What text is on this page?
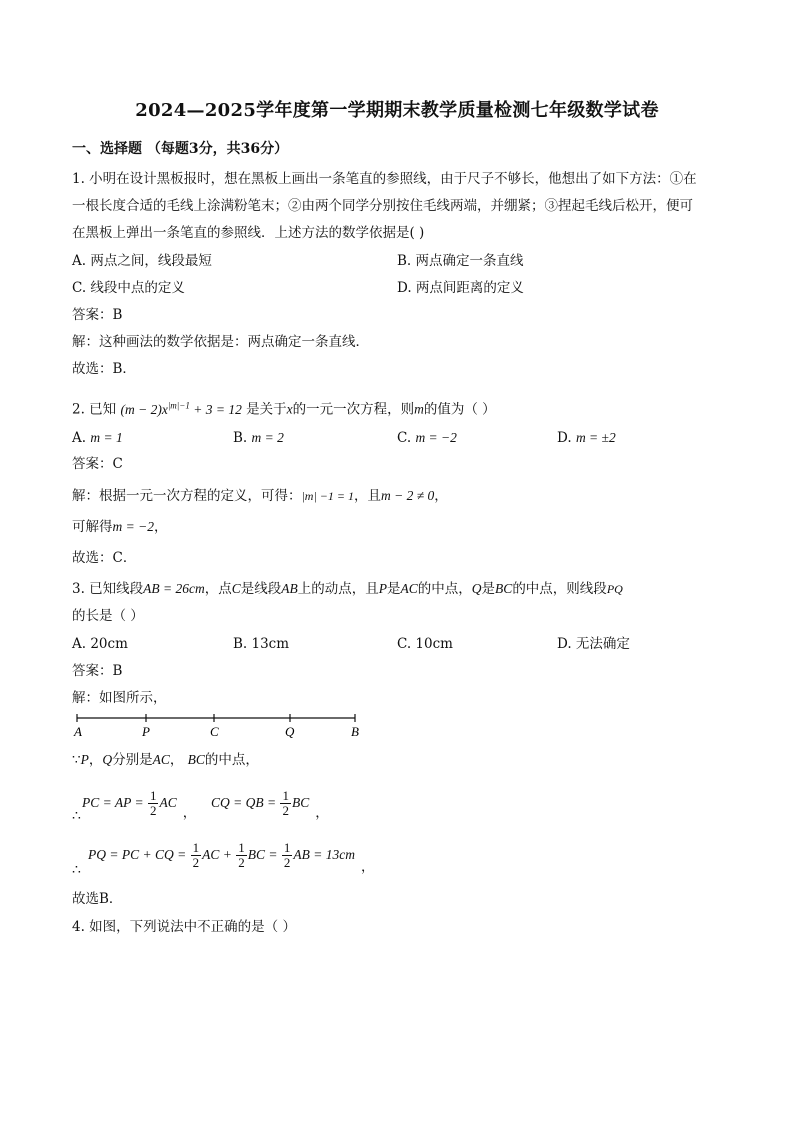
2024—2025学年度第一学期期末教学质量检测七年级数学试卷
一、选择题 （每题3分，共36分）
1. 小明在设计黑板报时，想在黑板上画出一条笔直的参照线，由于尺子不够长，他想出了如下方法：①在
一根长度合适的毛线上涂满粉笔末；②由两个同学分别按住毛线两端，并绷紧；③捏起毛线后松开，便可
在黑板上弹出一条笔直的参照线．上述方法的数学依据是( )
A. 两点之间，线段最短	B. 两点确定一条直线
C. 线段中点的定义	D. 两点间距离的定义
答案：B
解：这种画法的数学依据是：两点确定一条直线．
故选：B．
2. 已知 $(m - 2)x^{|m|-1} + 3 = 12$ 是关于x的一元一次方程，则m的值为（ ）
A. m = 1	B. m = 2	C. m = −2	D. m = ±2
答案：C
解：根据一元一次方程的定义，可得：|m| −1 = 1，且m − 2 ≠ 0，
可解得m = −2，
故选：C．
3. 已知线段AB = 26cm，点C是线段AB上的动点，且P是AC的中点，Q是BC的中点，则线段PQ
的长是（ ）
A. 20cm	B. 13cm	C. 10cm	D. 无法确定
答案：B
解：如图所示，
A	P	C	Q	B
∵P，Q分别是AC， BC的中点，
∴
PC = AP = $\frac{1}{2}$ AC，  CQ = QB = $\frac{1}{2}$ BC，
∴
PQ = PC + CQ = $\frac{1}{2}$ AC + $\frac{1}{2}$ BC = $\frac{1}{2}$ AB = 13cm，
故选B．
4. 如图，下列说法中不正确的是（ ）
